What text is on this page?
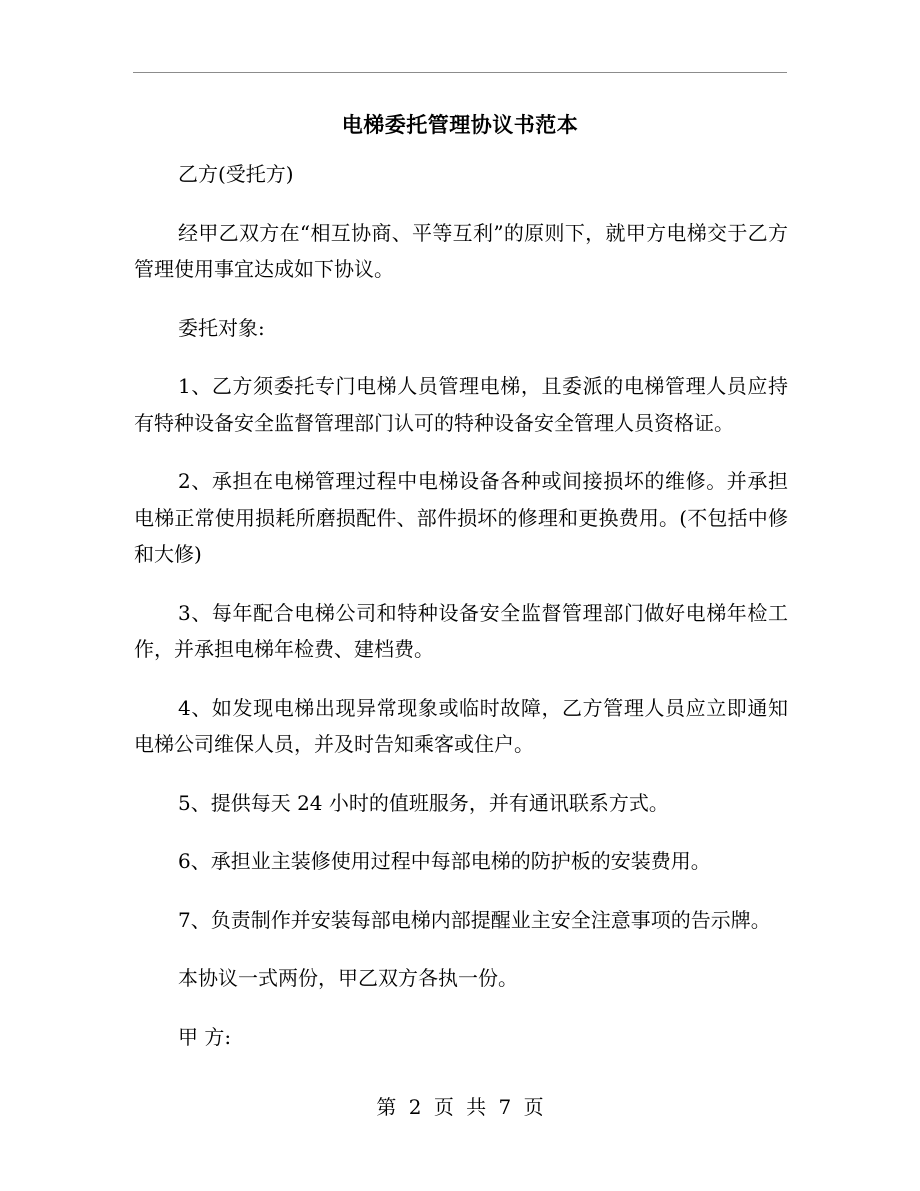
电梯委托管理协议书范本

乙方(受托方)

经甲乙双方在“相互协商、平等互利”的原则下，就甲方电梯交于乙方管理使用事宜达成如下协议。

委托对象:

1、乙方须委托专门电梯人员管理电梯，且委派的电梯管理人员应持有特种设备安全监督管理部门认可的特种设备安全管理人员资格证。

2、承担在电梯管理过程中电梯设备各种或间接损坏的维修。并承担电梯正常使用损耗所磨损配件、部件损坏的修理和更换费用。(不包括中修和大修)

3、每年配合电梯公司和特种设备安全监督管理部门做好电梯年检工作，并承担电梯年检费、建档费。

4、如发现电梯出现异常现象或临时故障，乙方管理人员应立即通知电梯公司维保人员，并及时告知乘客或住户。

5、提供每天 24 小时的值班服务，并有通讯联系方式。

6、承担业主装修使用过程中每部电梯的防护板的安装费用。

7、负责制作并安装每部电梯内部提醒业主安全注意事项的告示牌。

本协议一式两份，甲乙双方各执一份。

甲 方:

第 2 页 共 7 页
